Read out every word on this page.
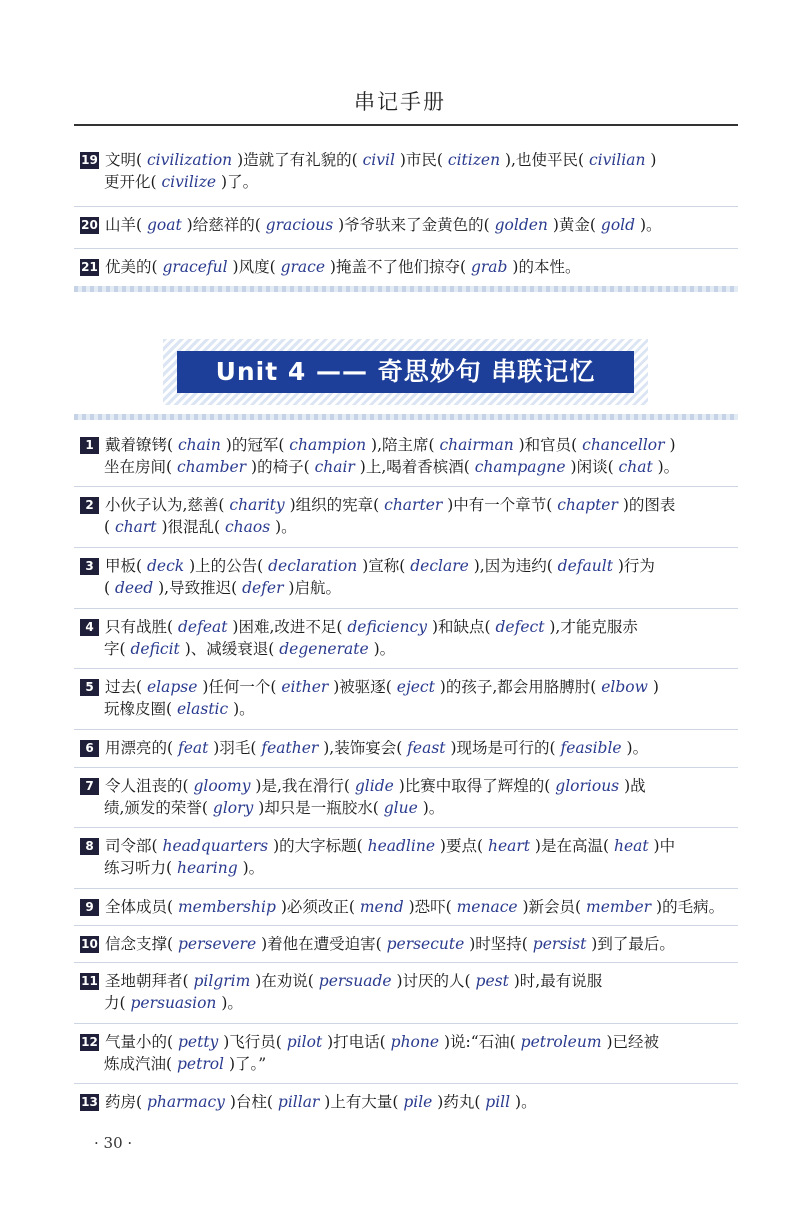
串记手册
19 文明( civilization )造就了有礼貌的( civil )市民( citizen ),也使平民( civilian )
更开化( civilize )了。
20 山羊( goat )给慈祥的( gracious )爷爷驮来了金黄色的( golden )黄金( gold )。
21 优美的( graceful )风度( grace )掩盖不了他们掠夺( grab )的本性。
Unit 4 —— 奇思妙句 串联记忆
1 戴着镣铐( chain )的冠军( champion ),陪主席( chairman )和官员( chancellor )
坐在房间( chamber )的椅子( chair )上,喝着香槟酒( champagne )闲谈( chat )。
2 小伙子认为,慈善( charity )组织的宪章( charter )中有一个章节( chapter )的图表
( chart )很混乱( chaos )。
3 甲板( deck )上的公告( declaration )宣称( declare ),因为违约( default )行为
( deed ),导致推迟( defer )启航。
4 只有战胜( defeat )困难,改进不足( deficiency )和缺点( defect ),才能克服赤
字( deficit )、减缓衰退( degenerate )。
5 过去( elapse )任何一个( either )被驱逐( eject )的孩子,都会用胳膊肘( elbow )
玩橡皮圈( elastic )。
6 用漂亮的( feat )羽毛( feather ),装饰宴会( feast )现场是可行的( feasible )。
7 令人沮丧的( gloomy )是,我在滑行( glide )比赛中取得了辉煌的( glorious )战
绩,颁发的荣誉( glory )却只是一瓶胶水( glue )。
8 司令部( headquarters )的大字标题( headline )要点( heart )是在高温( heat )中
练习听力( hearing )。
9 全体成员( membership )必须改正( mend )恐吓( menace )新会员( member )的毛病。
10 信念支撑( persevere )着他在遭受迫害( persecute )时坚持( persist )到了最后。
11 圣地朝拜者( pilgrim )在劝说( persuade )讨厌的人( pest )时,最有说服
力( persuasion )。
12 气量小的( petty )飞行员( pilot )打电话( phone )说:“石油( petroleum )已经被
炼成汽油( petrol )了。”
13 药房( pharmacy )台柱( pillar )上有大量( pile )药丸( pill )。
· 30 ·
